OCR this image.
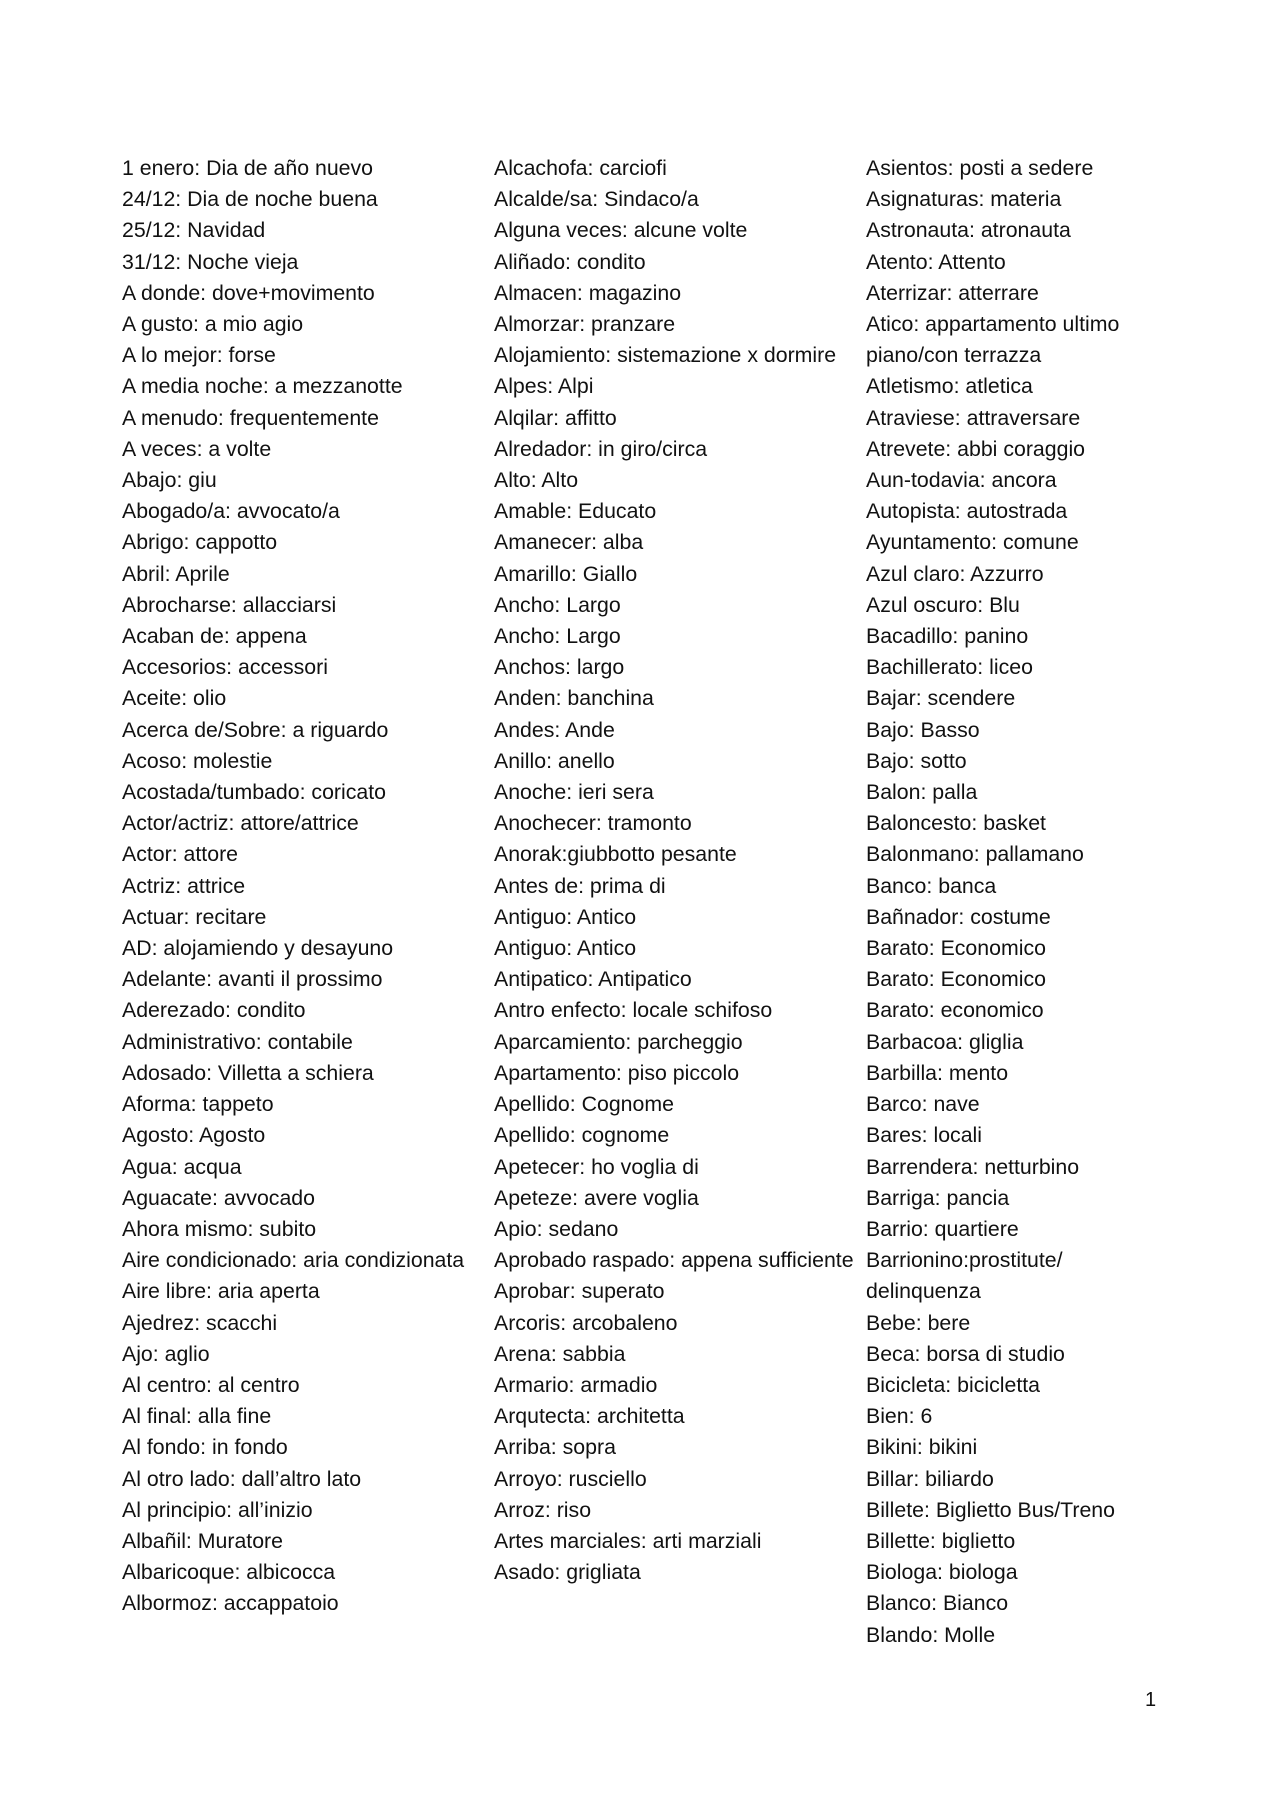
1 enero: Dia de año nuevo
24/12: Dia de noche buena
25/12: Navidad
31/12: Noche vieja
A donde: dove+movimento
A gusto: a mio agio
A lo mejor: forse
A media noche: a mezzanotte
A menudo: frequentemente
A veces: a volte
Abajo: giu
Abogado/a: avvocato/a
Abrigo: cappotto
Abril: Aprile
Abrocharse: allacciarsi
Acaban de: appena
Accesorios: accessori
Aceite: olio
Acerca de/Sobre: a riguardo
Acoso: molestie
Acostada/tumbado: coricato
Actor/actriz: attore/attrice
Actor: attore
Actriz: attrice
Actuar: recitare
AD: alojamiendo y desayuno
Adelante: avanti il prossimo
Aderezado: condito
Administrativo: contabile
Adosado: Villetta a schiera
Aforma: tappeto
Agosto: Agosto
Agua: acqua
Aguacate: avvocado
Ahora mismo: subito
Aire condicionado: aria condizionata
Aire libre: aria aperta
Ajedrez: scacchi
Ajo: aglio
Al centro: al centro
Al final: alla fine
Al fondo: in fondo
Al otro lado: dall’altro lato
Al principio: all’inizio
Albañil: Muratore
Albaricoque: albicocca
Albormoz: accappatoio
Alcachofa: carciofi
Alcalde/sa: Sindaco/a
Alguna veces: alcune volte
Aliñado: condito
Almacen: magazino
Almorzar: pranzare
Alojamiento: sistemazione x dormire
Alpes: Alpi
Alqilar: affitto
Alredador: in giro/circa
Alto: Alto
Amable: Educato
Amanecer: alba
Amarillo: Giallo
Ancho: Largo
Ancho: Largo
Anchos: largo
Anden: banchina
Andes: Ande
Anillo: anello
Anoche: ieri sera
Anochecer: tramonto
Anorak:giubbotto pesante
Antes de: prima di
Antiguo: Antico
Antiguo: Antico
Antipatico: Antipatico
Antro enfecto: locale schifoso
Aparcamiento: parcheggio
Apartamento: piso piccolo
Apellido: Cognome
Apellido: cognome
Apetecer: ho voglia di
Apeteze: avere voglia
Apio: sedano
Aprobado raspado: appena sufficiente
Aprobar: superato
Arcoris: arcobaleno
Arena: sabbia
Armario: armadio
Arqutecta: architetta
Arriba: sopra
Arroyo: rusciello
Arroz: riso
Artes marciales: arti marziali
Asado: grigliata
Asientos: posti a sedere
Asignaturas: materia
Astronauta: atronauta
Atento: Attento
Aterrizar: atterrare
Atico: appartamento ultimo piano/con terrazza
Atletismo: atletica
Atraviese: attraversare
Atrevete: abbi coraggio
Aun-todavia: ancora
Autopista: autostrada
Ayuntamento: comune
Azul claro: Azzurro
Azul oscuro: Blu
Bacadillo: panino
Bachillerato: liceo
Bajar: scendere
Bajo: Basso
Bajo: sotto
Balon: palla
Baloncesto: basket
Balonmano: pallamano
Banco: banca
Bañnador: costume
Barato: Economico
Barato: Economico
Barato: economico
Barbacoa: gliglia
Barbilla: mento
Barco: nave
Bares: locali
Barrendera: netturbino
Barriga: pancia
Barrio: quartiere
Barrionino:prostitute/ delinquenza
Bebe: bere
Beca: borsa di studio
Bicicleta: bicicletta
Bien: 6
Bikini: bikini
Billar: biliardo
Billete: Biglietto Bus/Treno
Billette: biglietto
Biologa: biologa
Blanco: Bianco
Blando: Molle
1
